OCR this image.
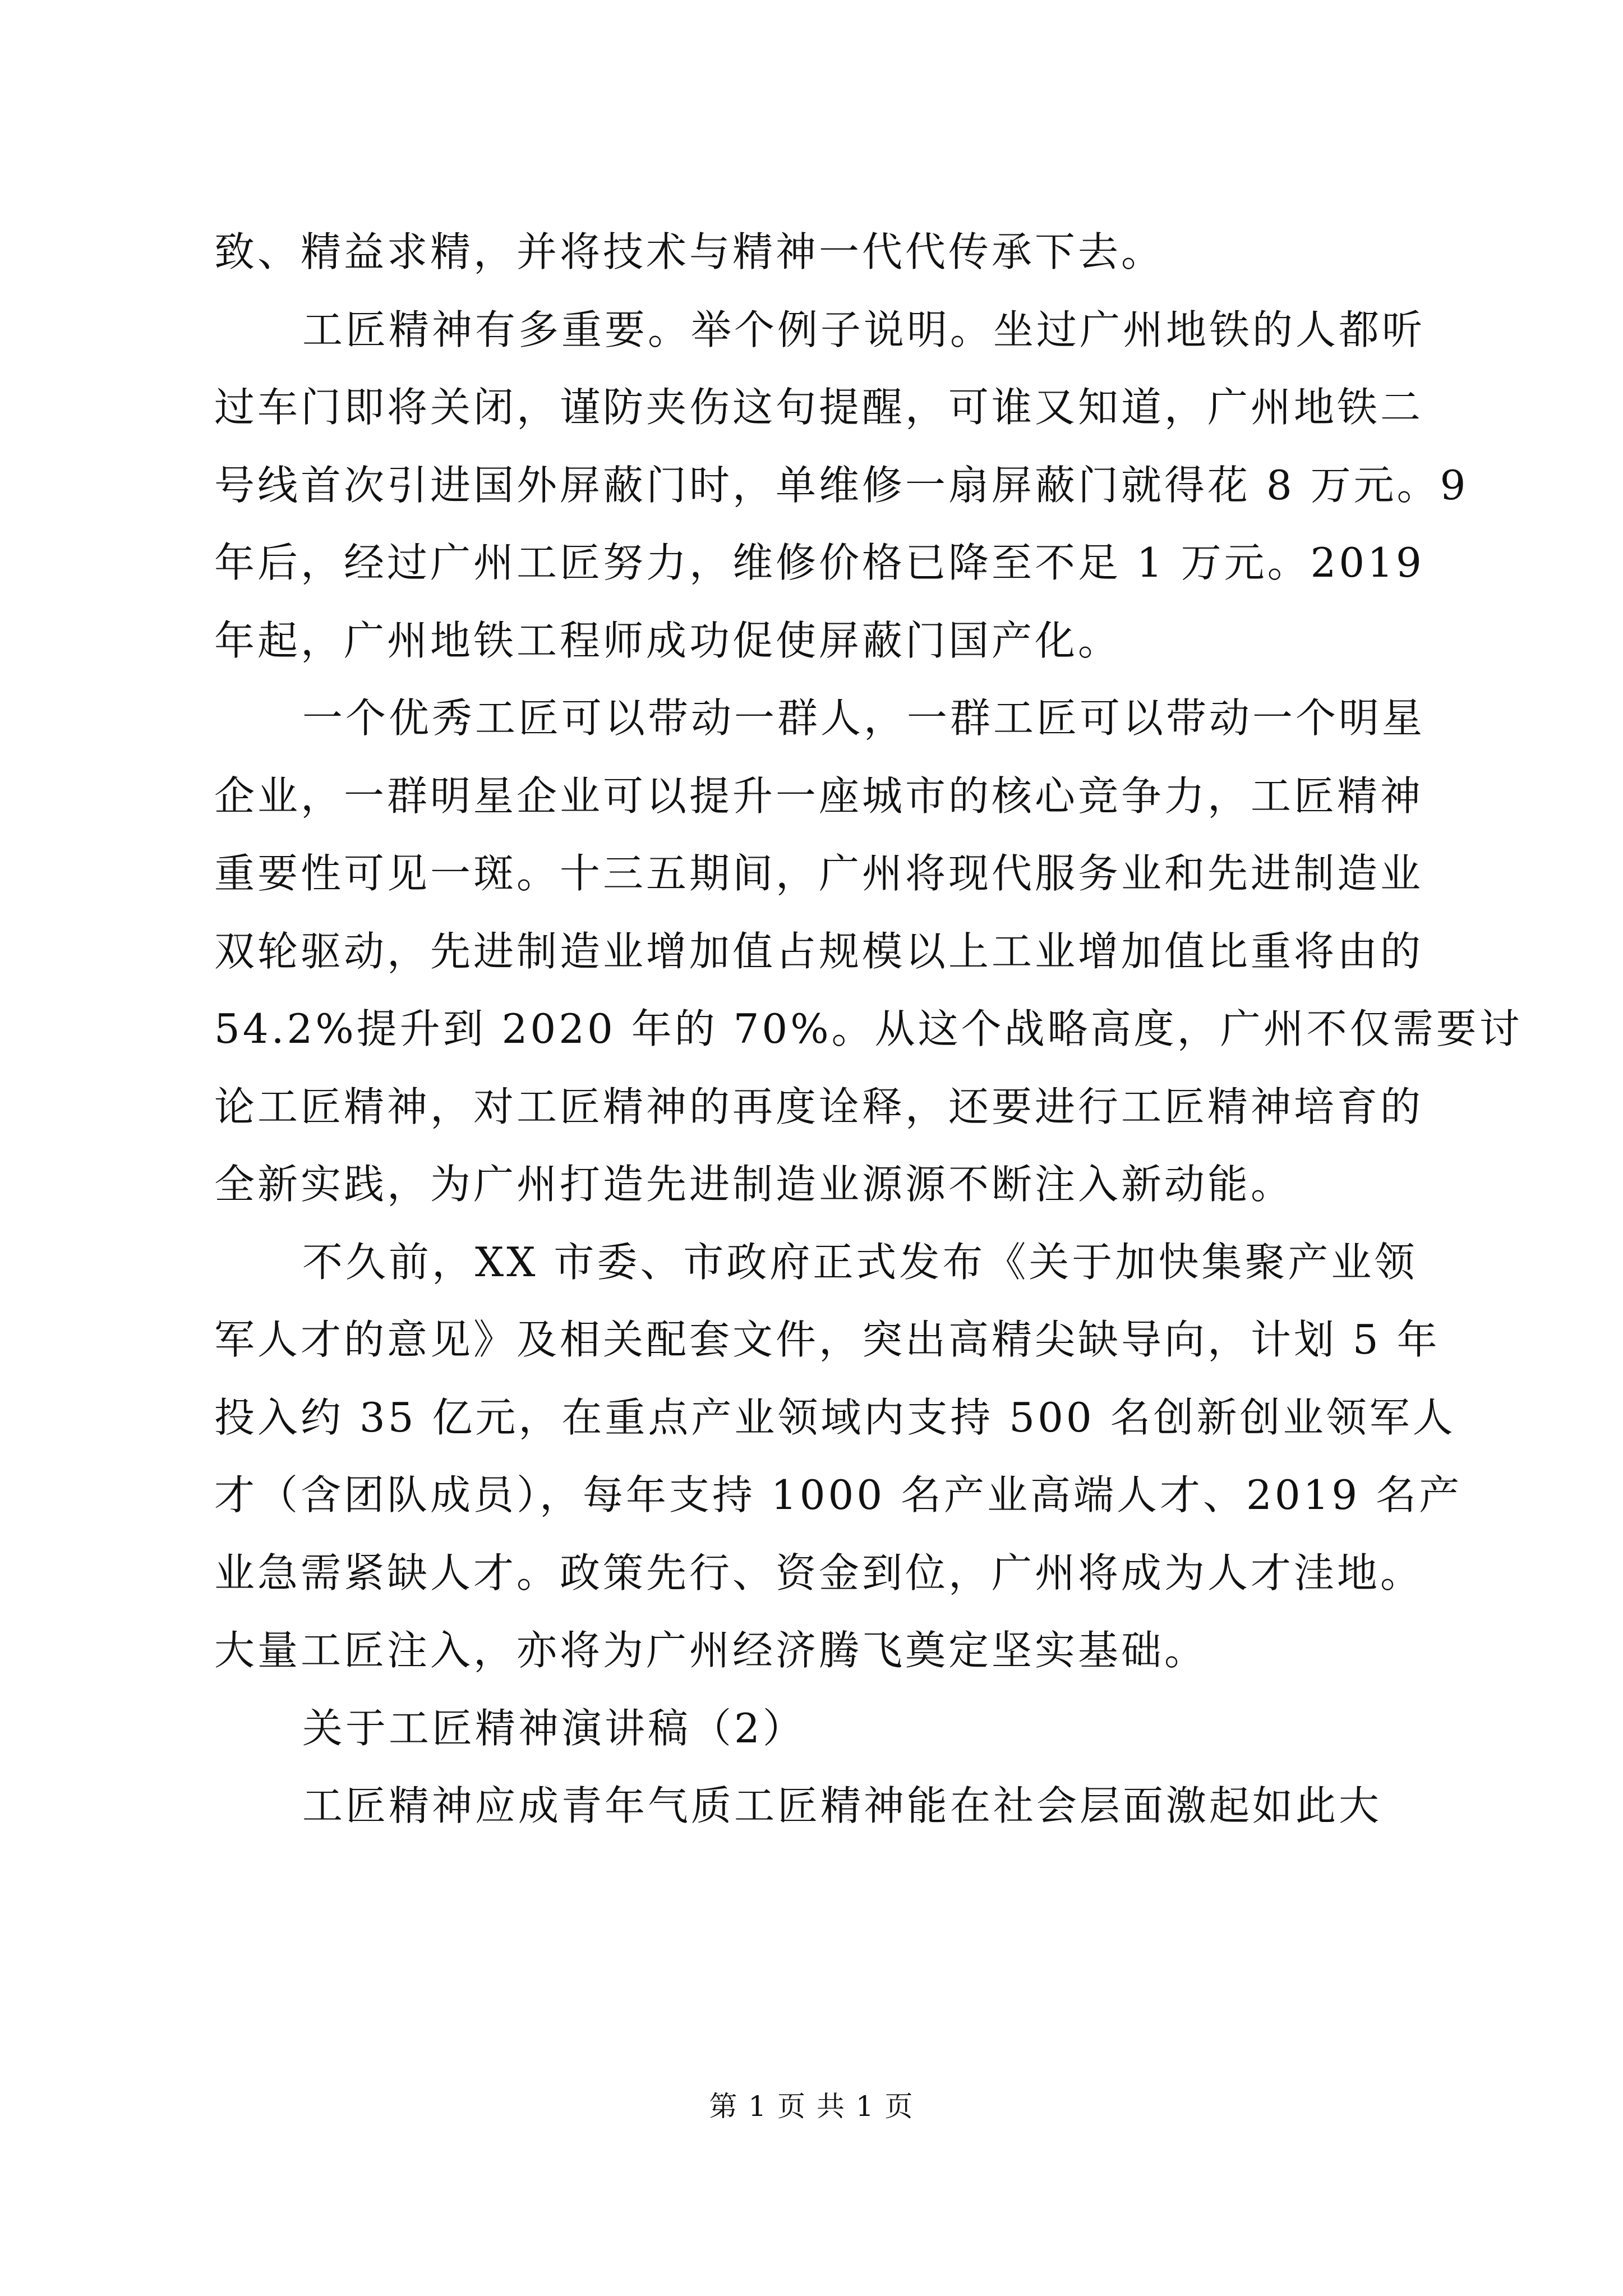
致、精益求精，并将技术与精神一代代传承下去。
工匠精神有多重要。举个例子说明。坐过广州地铁的人都听
过车门即将关闭，谨防夹伤这句提醒，可谁又知道，广州地铁二
号线首次引进国外屏蔽门时，单维修一扇屏蔽门就得花 8 万元。9
年后，经过广州工匠努力，维修价格已降至不足 1 万元。2019
年起，广州地铁工程师成功促使屏蔽门国产化。
一个优秀工匠可以带动一群人，一群工匠可以带动一个明星
企业，一群明星企业可以提升一座城市的核心竞争力，工匠精神
重要性可见一斑。十三五期间，广州将现代服务业和先进制造业
双轮驱动，先进制造业增加值占规模以上工业增加值比重将由的
54.2%提升到 2020 年的 70%。从这个战略高度，广州不仅需要讨
论工匠精神，对工匠精神的再度诠释，还要进行工匠精神培育的
全新实践，为广州打造先进制造业源源不断注入新动能。
不久前，XX 市委、市政府正式发布《关于加快集聚产业领
军人才的意见》及相关配套文件，突出高精尖缺导向，计划 5 年
投入约 35 亿元，在重点产业领域内支持 500 名创新创业领军人
才（含团队成员），每年支持 1000 名产业高端人才、2019 名产
业急需紧缺人才。政策先行、资金到位，广州将成为人才洼地。
大量工匠注入，亦将为广州经济腾飞奠定坚实基础。
关于工匠精神演讲稿（2）
工匠精神应成青年气质工匠精神能在社会层面激起如此大
第 1 页 共 1 页
